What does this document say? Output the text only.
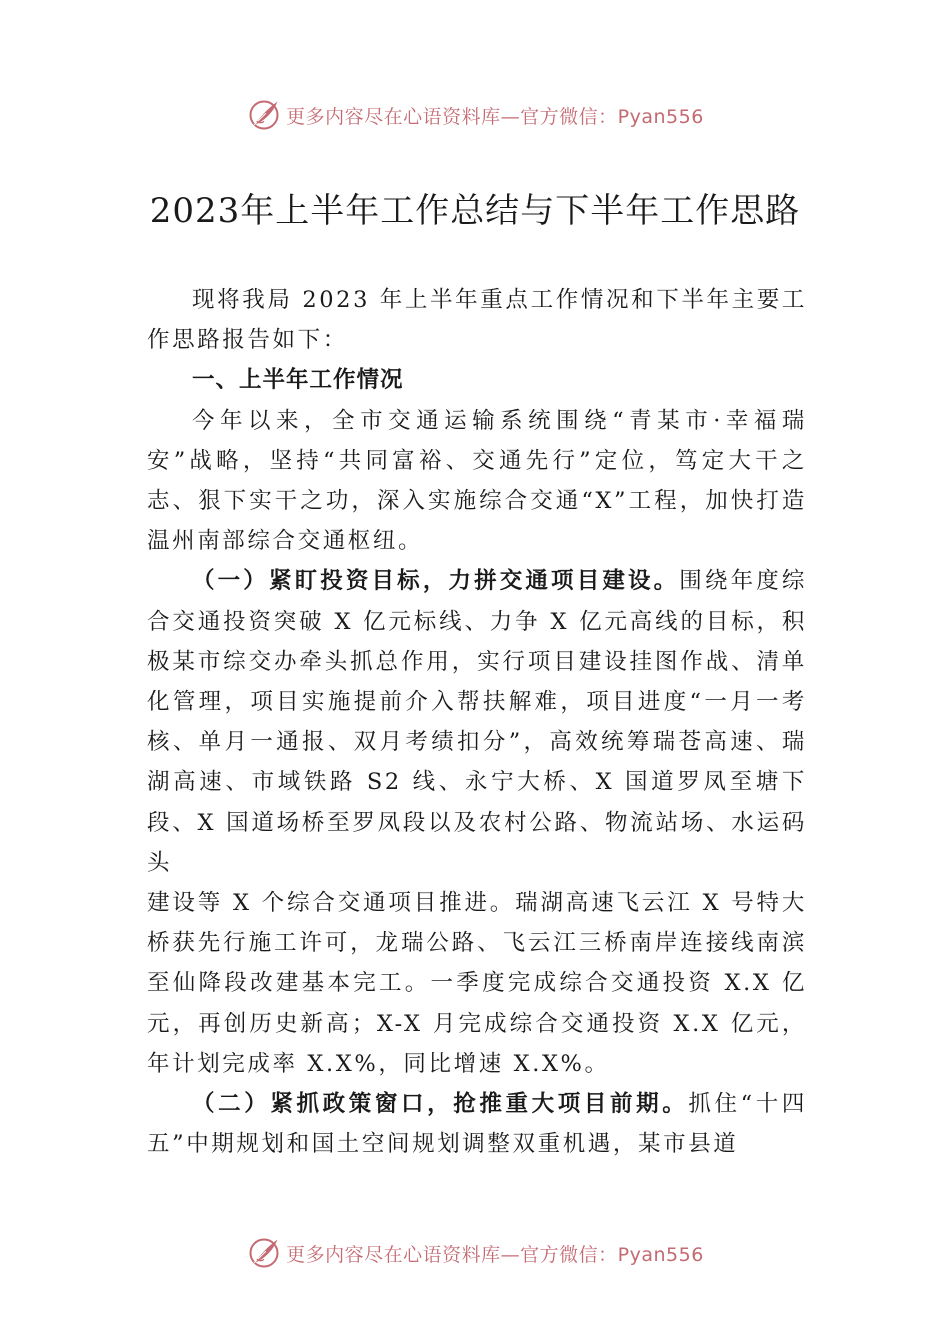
更多内容尽在心语资料库—官方微信：Pyan556
2023年上半年工作总结与下半年工作思路

现将我局 2023 年上半年重点工作情况和下半年主要工作思路报告如下：

一、上半年工作情况

今年以来，全市交通运输系统围绕“青某市·幸福瑞安”战略，坚持“共同富裕、交通先行”定位，笃定大干之志、狠下实干之功，深入实施综合交通“X”工程，加快打造温州南部综合交通枢纽。

（一）紧盯投资目标，力拼交通项目建设。围绕年度综合交通投资突破 X 亿元标线、力争 X 亿元高线的目标，积极某市综交办牵头抓总作用，实行项目建设挂图作战、清单化管理，项目实施提前介入帮扶解难，项目进度“一月一考核、单月一通报、双月考绩扣分”，高效统筹瑞苍高速、瑞湖高速、市域铁路 S2 线、永宁大桥、X 国道罗凤至塘下段、X 国道场桥至罗凤段以及农村公路、物流站场、水运码头

建设等 X 个综合交通项目推进。瑞湖高速飞云江 X 号特大桥获先行施工许可，龙瑞公路、飞云江三桥南岸连接线南滨至仙降段改建基本完工。一季度完成综合交通投资 X.X 亿元，再创历史新高；X-X 月完成综合交通投资 X.X 亿元，年计划完成率 X.X%，同比增速 X.X%。

（二）紧抓政策窗口，抢推重大项目前期。抓住“十四五”中期规划和国土空间规划调整双重机遇，某市县道

更多内容尽在心语资料库—官方微信：Pyan556
